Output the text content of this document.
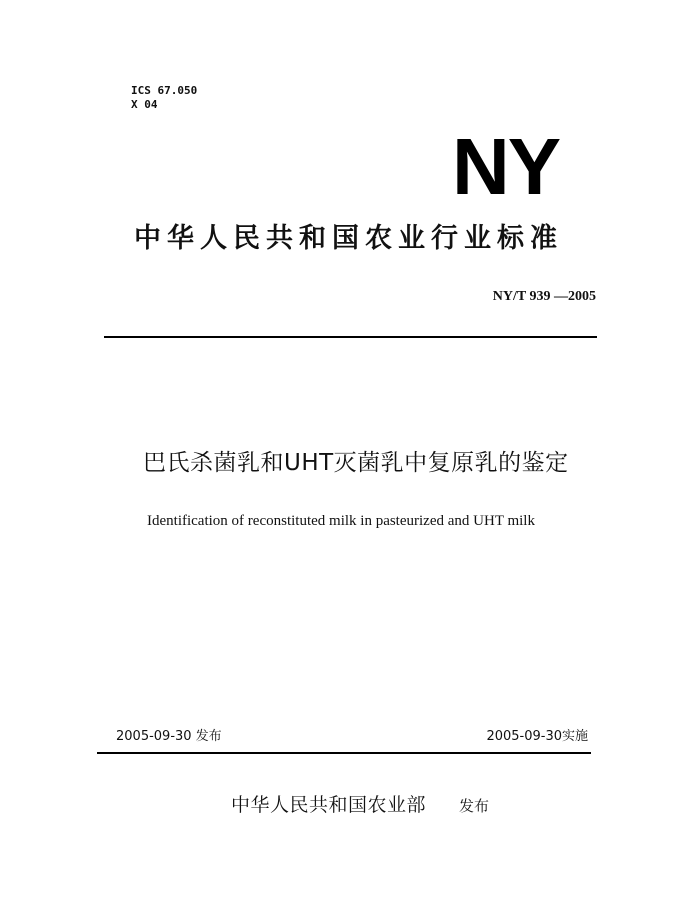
ICS 67.050
X 04
NY
中华人民共和国农业行业标准
NY/T 939 —2005
巴氏杀菌乳和UHT灭菌乳中复原乳的鉴定
Identification of reconstituted milk in pasteurized and UHT milk
2005-09-30 发布	2005-09-30实施
中华人民共和国农业部 发布
